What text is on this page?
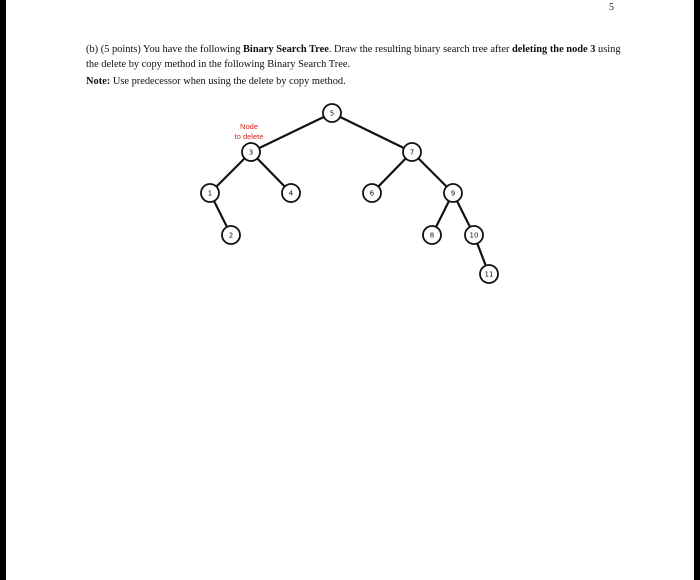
5
(b) (5 points) You have the following Binary Search Tree. Draw the resulting binary search tree after deleting the node 3 using the delete by copy method in the following Binary Search Tree.
Note: Use predecessor when using the delete by copy method.
5
3	7
1	4	6	9
2	8	10
11
Node
to delete
